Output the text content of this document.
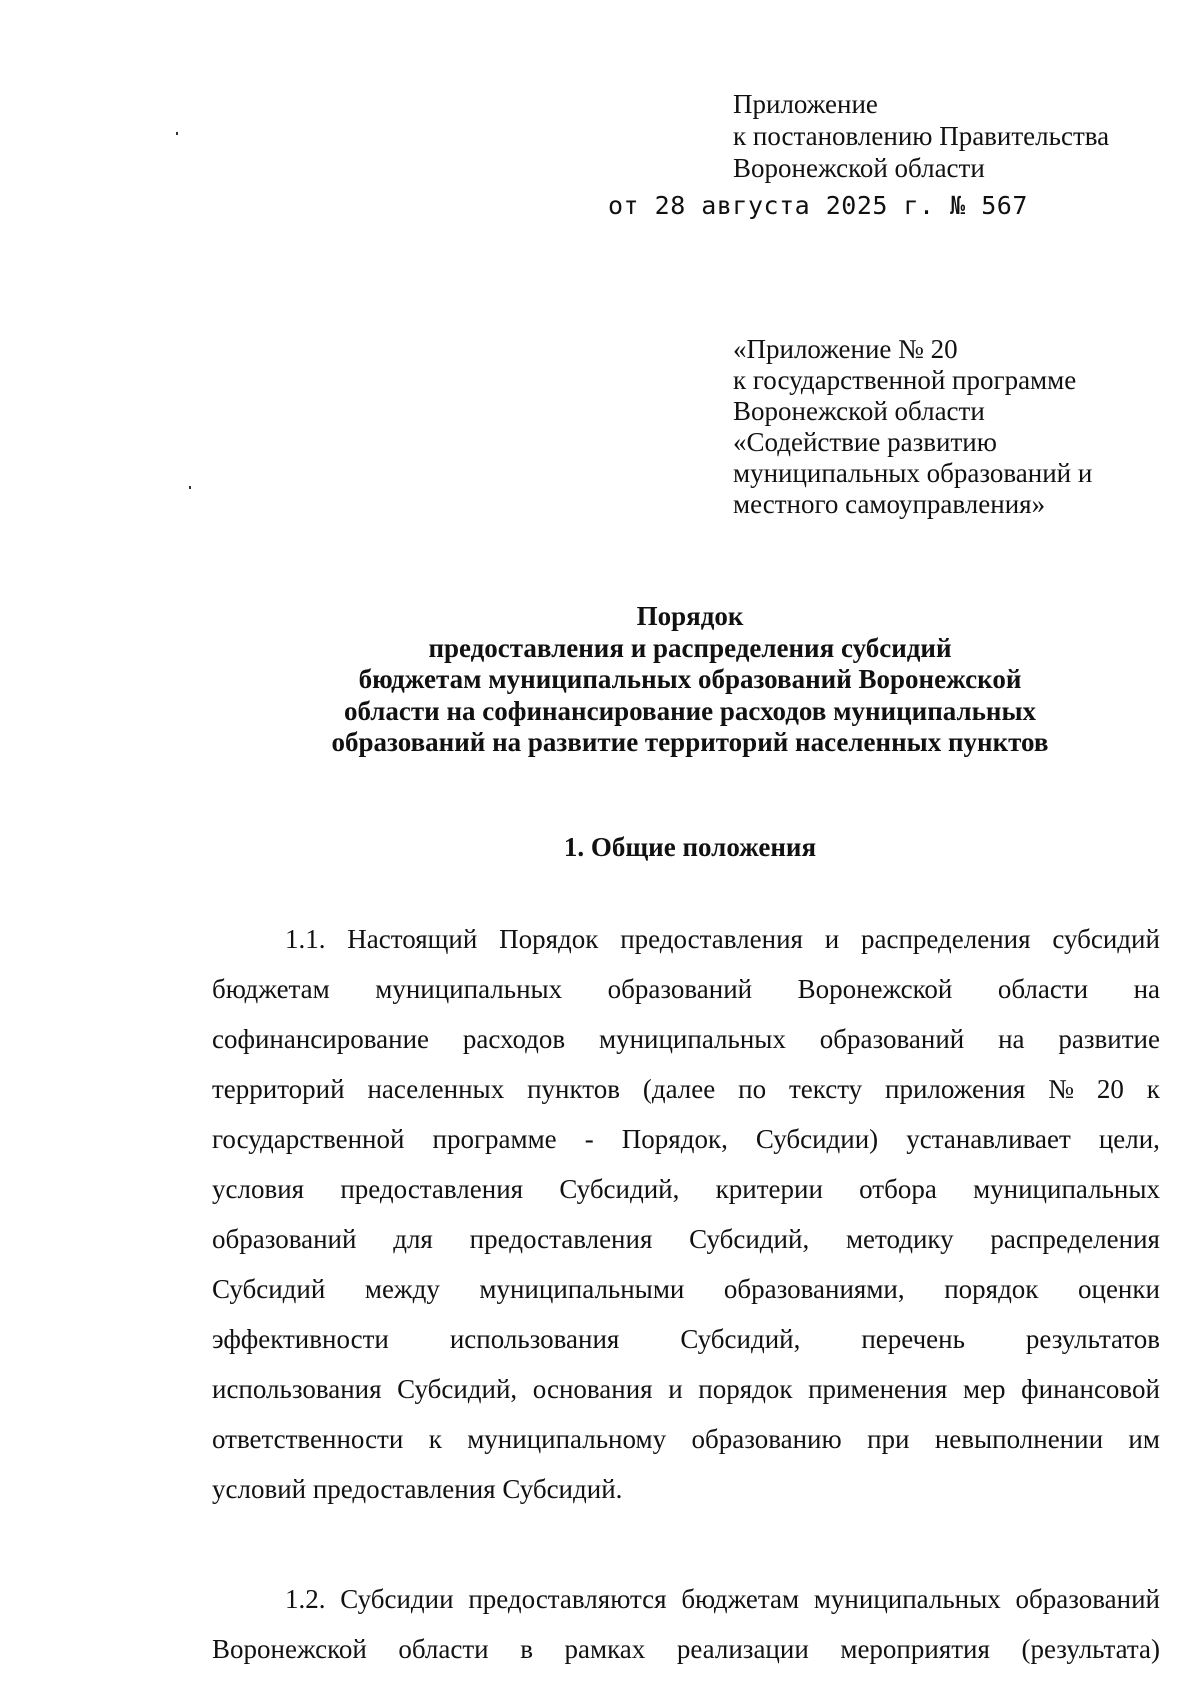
Приложение
к постановлению Правительства
Воронежской области
от 28 августа 2025 г. № 567
«Приложение № 20
к государственной программе
Воронежской области
«Содействие развитию
муниципальных образований и
местного самоуправления»
Порядок
предоставления и распределения субсидий
бюджетам муниципальных образований Воронежской
области на софинансирование расходов муниципальных
образований на развитие территорий населенных пунктов
1. Общие положения
1.1. Настоящий Порядок предоставления и распределения субсидий
бюджетам муниципальных образований Воронежской области на
софинансирование расходов муниципальных образований на развитие
территорий населенных пунктов (далее по тексту приложения № 20 к
государственной программе - Порядок, Субсидии) устанавливает цели,
условия предоставления Субсидий, критерии отбора муниципальных
образований для предоставления Субсидий, методику распределения
Субсидий между муниципальными образованиями, порядок оценки
эффективности использования Субсидий, перечень результатов
использования Субсидий, основания и порядок применения мер финансовой
ответственности к муниципальному образованию при невыполнении им
условий предоставления Субсидий.
1.2. Субсидии предоставляются бюджетам муниципальных образований
Воронежской области в рамках реализации мероприятия (результата)
